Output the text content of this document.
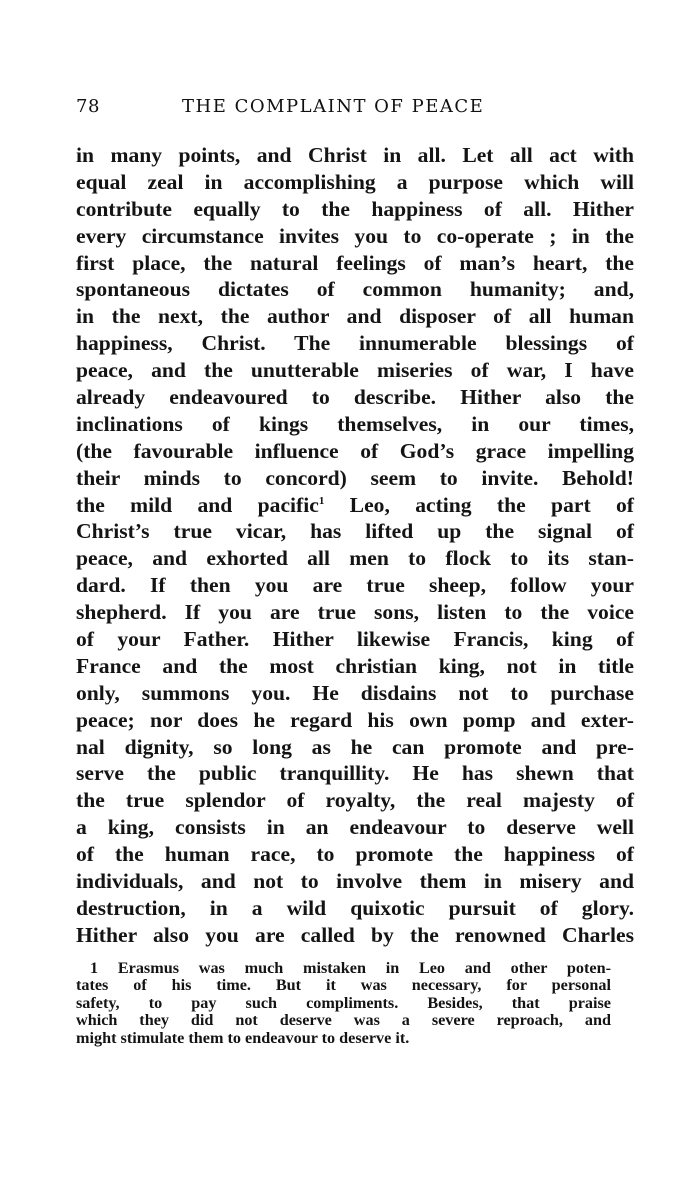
78	THE COMPLAINT OF PEACE
in many points, and Christ in all. Let all act with
equal zeal in accomplishing a purpose which will
contribute equally to the happiness of all. Hither
every circumstance invites you to co-operate ; in the
first place, the natural feelings of man’s heart, the
spontaneous dictates of common humanity; and,
in the next, the author and disposer of all human
happiness, Christ. The innumerable blessings of
peace, and the unutterable miseries of war, I have
already endeavoured to describe. Hither also the
inclinations of kings themselves, in our times,
(the favourable influence of God’s grace impelling
their minds to concord) seem to invite. Behold!
the mild and pacific$^1$ Leo, acting the part of
Christ’s true vicar, has lifted up the signal of
peace, and exhorted all men to flock to its stan-
dard. If then you are true sheep, follow your
shepherd. If you are true sons, listen to the voice
of your Father. Hither likewise Francis, king of
France and the most christian king, not in title
only, summons you. He disdains not to purchase
peace; nor does he regard his own pomp and exter-
nal dignity, so long as he can promote and pre-
serve the public tranquillity. He has shewn that
the true splendor of royalty, the real majesty of
a king, consists in an endeavour to deserve well
of the human race, to promote the happiness of
individuals, and not to involve them in misery and
destruction, in a wild quixotic pursuit of glory.
Hither also you are called by the renowned Charles
1 Erasmus was much mistaken in Leo and other poten-
tates of his time. But it was necessary, for personal
safety, to pay such compliments. Besides, that praise
which they did not deserve was a severe reproach, and
might stimulate them to endeavour to deserve it.
